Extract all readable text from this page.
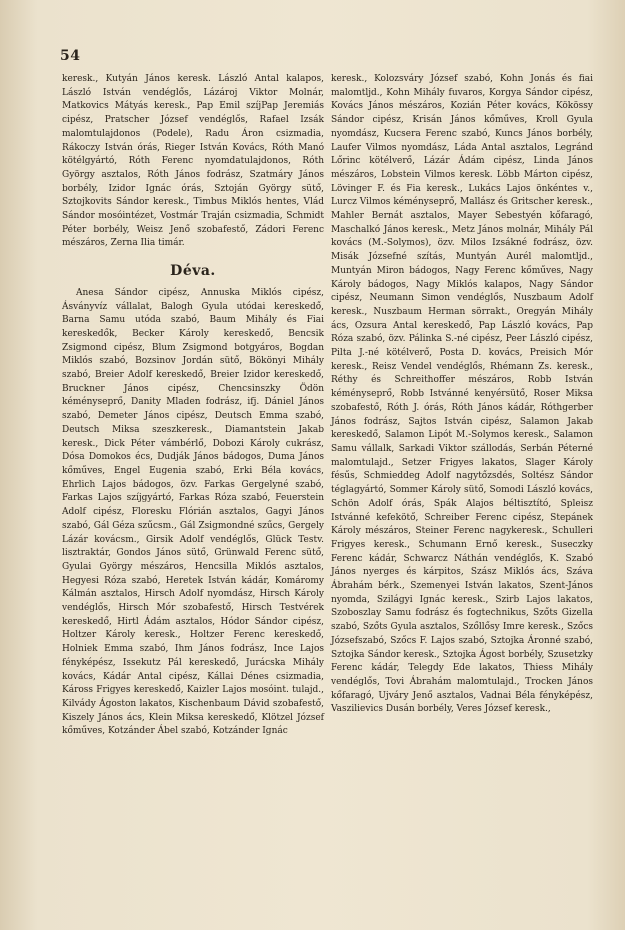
54

keresk., Kutyán János keresk. László Antal kalapos, László István vendéglős, Lázároj Viktor Molnár, Matkovics Mátyás keresk., Pap Emil szíjPap Jeremiás cipész, Pratscher József vendéglős, Rafael Izsák malomtulajdonos (Podele), Radu Áron csizmadia, Rákoczy István órás, Rieger István Kovács, Róth Manó kötélgyártó, Róth Ferenc nyomdatulajdonos, Róth György asztalos, Róth János fodrász, Szatmáry János borbély, Izidor Ignác órás, Sztoján György sütő, Sztojkovits Sándor keresk., Timbus Miklós hentes, Vlád Sándor mosóintézet, Vostmár Traján csizmadia, Schmidt Péter borbély, Weisz Jenő szobafestő, Zádori Ferenc mészáros, Zerna Ilia timár.

Déva.

Anesa Sándor cipész, Annuska Miklós cipész, Ásványvíz vállalat, Balogh Gyula utódai kereskedő, Barna Samu utóda szabó, Baum Mihály és Fiai kereskedők, Becker Károly kereskedő, Bencsik Zsigmond cipész, Blum Zsigmond botgyáros, Bogdan Miklós szabó, Bozsinov Jordán sütő, Bökönyi Mihály szabó, Breier Adolf kereskedő, Breier Izidor kereskedő, Bruckner János cipész, Chencsinszky Ödön kéményseprő, Danity Mladen fodrász, ifj. Dániel János szabó, Demeter János cipész, Deutsch Emma szabó, Deutsch Miksa szeszkeresk., Diamantstein Jakab keresk., Dick Péter vámbérlő, Dobozi Károly cukrász, Dósa Domokos écs, Dudják János bádogos, Duma János kőműves, Engel Eugenia szabó, Erki Béla kovács, Ehrlich Lajos bádogos, özv. Farkas Gergelyné szabó, Farkas Lajos szíjgyártó, Farkas Róza szabó, Feuerstein Adolf cipész, Floresku Flórián asztalos, Gagyi János szabó, Gál Géza szűcsm., Gál Zsigmondné szűcs, Gergely Lázár kovácsm., Girsik Adolf vendéglős, Glück Testv. lisztraktár, Gondos János sütő, Grünwald Ferenc sütő, Gyulai György mészáros, Hencsilla Miklós asztalos, Hegyesi Róza szabó, Heretek István kádár, Komáromy Kálmán asztalos, Hirsch Adolf nyomdász, Hirsch Károly vendéglős, Hirsch Mór szobafestő, Hirsch Testvérek kereskedő, Hirtl Ádám asztalos, Hódor Sándor cipész, Holtzer Károly keresk., Holtzer Ferenc kereskedő, Holniek Emma szabó, Ihm János fodrász, Ince Lajos fényképész, Issekutz Pál kereskedő, Jurácska Mihály kovács, Kádár Antal cipész, Kállai Dénes csizmadia, Káross Frigyes kereskedő, Kaizler Lajos mosóint. tulajd., Kilvády Ágoston lakatos, Kischenbaum Dávid szobafestő, Kiszely János ács, Klein Miksa kereskedő, Klötzel József kőműves, Kotzánder Ábel szabó, Kotzánder Ignác

keresk., Kolozsváry József szabó, Kohn Jonás és fiai malomtljd., Kohn Mihály fuvaros, Korgya Sándor cipész, Kovács János mészáros, Kozián Péter kovács, Kökössy Sándor cipész, Krisán János kőműves, Kroll Gyula nyomdász, Kucsera Ferenc szabó, Kuncs János borbély, Laufer Vilmos nyomdász, Láda Antal asztalos, Legránd Lőrinc kötélverő, Lázár Ádám cipész, Linda János mészáros, Lobstein Vilmos keresk. Löbb Márton cipész, Lövinger F. és Fia keresk., Lukács Lajos önkéntes v., Lurcz Vilmos kéményseprő, Mallász és Gritscher keresk., Mahler Bernát asztalos, Mayer Sebestyén kőfaragó, Maschalkó János keresk., Metz János molnár, Mihály Pál kovács (M.-Solymos), özv. Milos Izsákné fodrász, özv. Misák Józsefné szítás, Muntyán Aurél malomtljd., Muntyán Miron bádogos, Nagy Ferenc kőműves, Nagy Károly bádogos, Nagy Miklós kalapos, Nagy Sándor cipész, Neumann Simon vendéglős, Nuszbaum Adolf keresk., Nuszbaum Herman sörrakt., Oregyán Mihály ács, Ozsura Antal kereskedő, Pap László kovács, Pap Róza szabó, özv. Pálinka S.-né cipész, Peer László cipész, Pilta J.-né kötélverő, Posta D. kovács, Preisich Mór keresk., Reisz Vendel vendéglős, Rhémann Zs. keresk., Réthy és Schreithoffer mészáros, Robb István kéményseprő, Robb Istvánné kenyérsütő, Roser Miksa szobafestő, Róth J. órás, Róth János kádár, Róthgerber János fodrász, Sajtos István cipész, Salamon Jakab kereskedő, Salamon Lipót M.-Solymos keresk., Salamon Samu vállalk, Sarkadi Viktor szállodás, Serbán Péterné malomtulajd., Setzer Frigyes lakatos, Slager Károly fésűs, Schmieddeg Adolf nagytőzsdés, Soltész Sándor téglagyártó, Sommer Károly sütő, Somodi László kovács, Schön Adolf órás, Spák Alajos béltisztító, Spleisz Istvánné kefekötő, Schreiber Ferenc cipész, Stepánek Károly mészáros, Steiner Ferenc nagykeresk., Schulleri Frigyes keresk., Schumann Ernő keresk., Suseczky Ferenc kádár, Schwarcz Náthán vendéglős, K. Szabó János nyerges és kárpitos, Szász Miklós ács, Száva Ábrahám bérk., Szemenyei István lakatos, Szent-János nyomda, Szilágyi Ignác keresk., Szirb Lajos lakatos, Szoboszlay Samu fodrász és fogtechnikus, Szőts Gizella szabó, Szőts Gyula asztalos, Szőllősy Imre keresk., Szőcs Józsefszabó, Szőcs F. Lajos szabó, Sztojka Áronné szabó, Sztojka Sándor keresk., Sztojka Ágost borbély, Szusetzky Ferenc kádár, Telegdy Ede lakatos, Thiess Mihály vendéglős, Tovi Ábrahám malomtulajd., Trocken János kőfaragó, Ujváry Jenő asztalos, Vadnai Béla fényképész, Vaszilievics Dusán borbély, Veres József keresk.,
